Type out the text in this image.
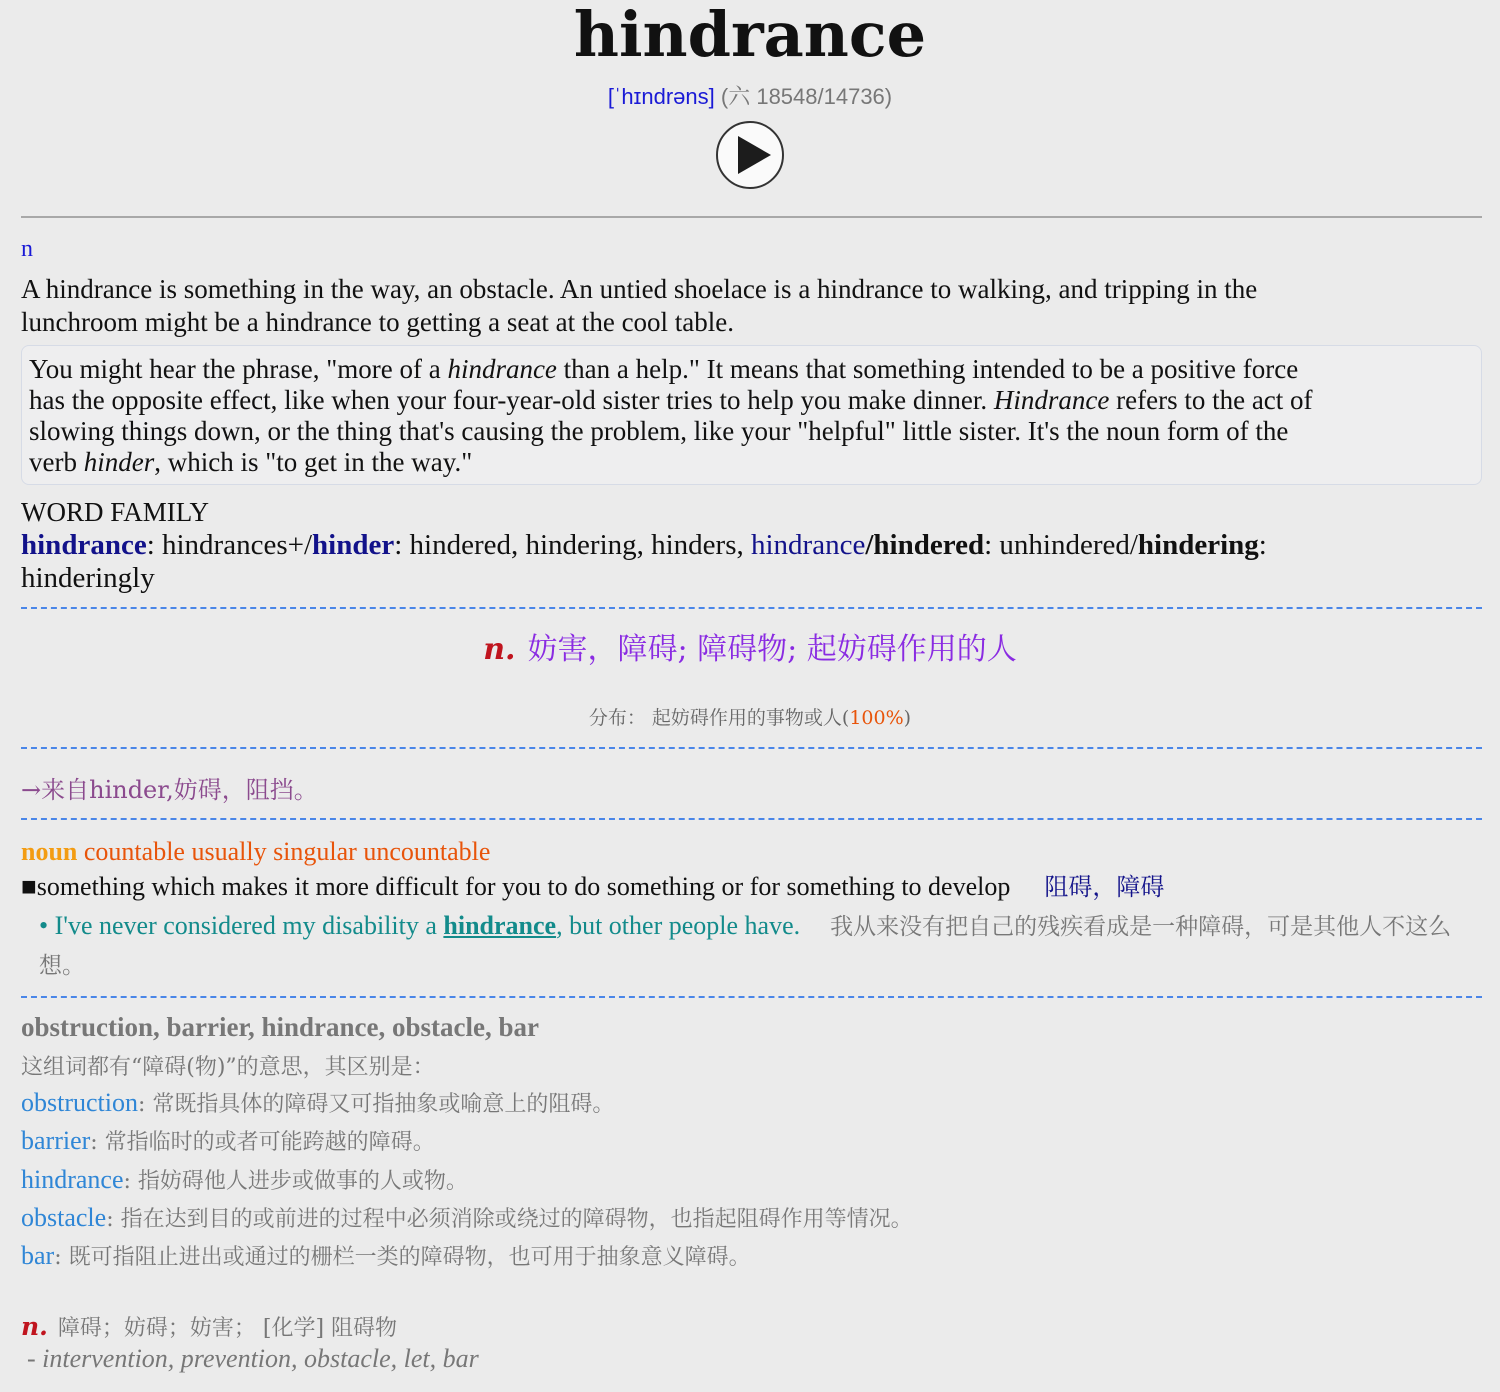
hindrance
[ˈhɪndrəns] (六 18548/14736)
n
A hindrance is something in the way, an obstacle. An untied shoelace is a hindrance to walking, and tripping in the
lunchroom might be a hindrance to getting a seat at the cool table.
You might hear the phrase, "more of a hindrance than a help." It means that something intended to be a positive force
has the opposite effect, like when your four-year-old sister tries to help you make dinner. Hindrance refers to the act of
slowing things down, or the thing that's causing the problem, like your "helpful" little sister. It's the noun form of the
verb hinder, which is "to get in the way."
WORD FAMILY
hindrance: hindrances+/hinder: hindered, hindering, hinders, hindrance/hindered: unhindered/hindering:
hinderingly
n. 妨害，障碍; 障碍物; 起妨碍作用的人
分布： 起妨碍作用的事物或人(100%)
→来自hinder,妨碍，阻挡。
noun countable usually singular uncountable
■something which makes it more difficult for you to do something or for something to develop 阻碍，障碍
• I've never considered my disability a hindrance, but other people have. 我从来没有把自己的残疾看成是一种障碍，可是其他人不这么想。
obstruction, barrier, hindrance, obstacle, bar
这组词都有“障碍(物)”的意思，其区别是：
obstruction: 常既指具体的障碍又可指抽象或喻意上的阻碍。
barrier: 常指临时的或者可能跨越的障碍。
hindrance: 指妨碍他人进步或做事的人或物。
obstacle: 指在达到目的或前进的过程中必须消除或绕过的障碍物，也指起阻碍作用等情况。
bar: 既可指阻止进出或通过的栅栏一类的障碍物，也可用于抽象意义障碍。
n. 障碍；妨碍；妨害； [化学] 阻碍物
- intervention, prevention, obstacle, let, bar
